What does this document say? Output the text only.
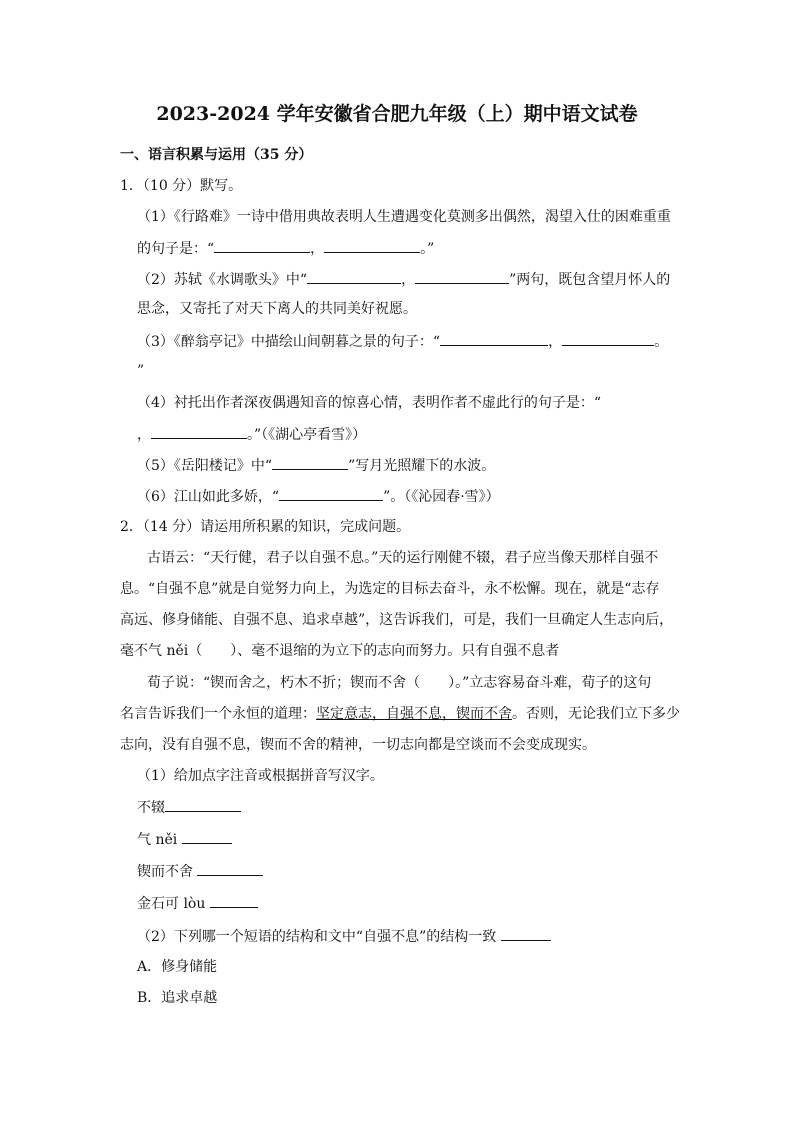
2023-2024 学年安徽省合肥九年级（上）期中语文试卷
一、语言积累与运用（35 分）
1．（10 分）默写。
（1）《行路难》一诗中借用典故表明人生遭遇变化莫测多出偶然，渴望入仕的困难重重
的句子是：“	，	。”
（2）苏轼《水调歌头》中“	，	”两句，既包含望月怀人的
思念，又寄托了对天下离人的共同美好祝愿。
（3）《醉翁亭记》中描绘山间朝暮之景的句子：“	，	。
”
（4）衬托出作者深夜偶遇知音的惊喜心情，表明作者不虚此行的句子是：“
，	。”（《湖心亭看雪》）
（5）《岳阳楼记》中“	”写月光照耀下的水波。
（6）江山如此多娇，“	”。（《沁园春·雪》）
2．（14 分）请运用所积累的知识，完成问题。
古语云：“天行健，君子以自强不息。”天的运行刚健不辍，君子应当像天那样自强不
息。“自强不息”就是自觉努力向上，为选定的目标去奋斗，永不松懈。现在，就是“志存
高远、修身储能、自强不息、追求卓越”，这告诉我们，可是，我们一旦确定人生志向后，
毫不气 něi（　　）、毫不退缩的为立下的志向而努力。只有自强不息者
荀子说：“锲而舍之，朽木不折；锲而不舍（　　）。”立志容易奋斗难，荀子的这句
名言告诉我们一个永恒的道理：坚定意志，自强不息，锲而不舍。否则，无论我们立下多少
志向，没有自强不息，锲而不舍的精神，一切志向都是空谈而不会变成现实。
（1）给加点字注音或根据拼音写汉字。
不辍
气 něi
锲而不舍
金石可 lòu
（2）下列哪一个短语的结构和文中“自强不息”的结构一致
A．修身储能
B．追求卓越
